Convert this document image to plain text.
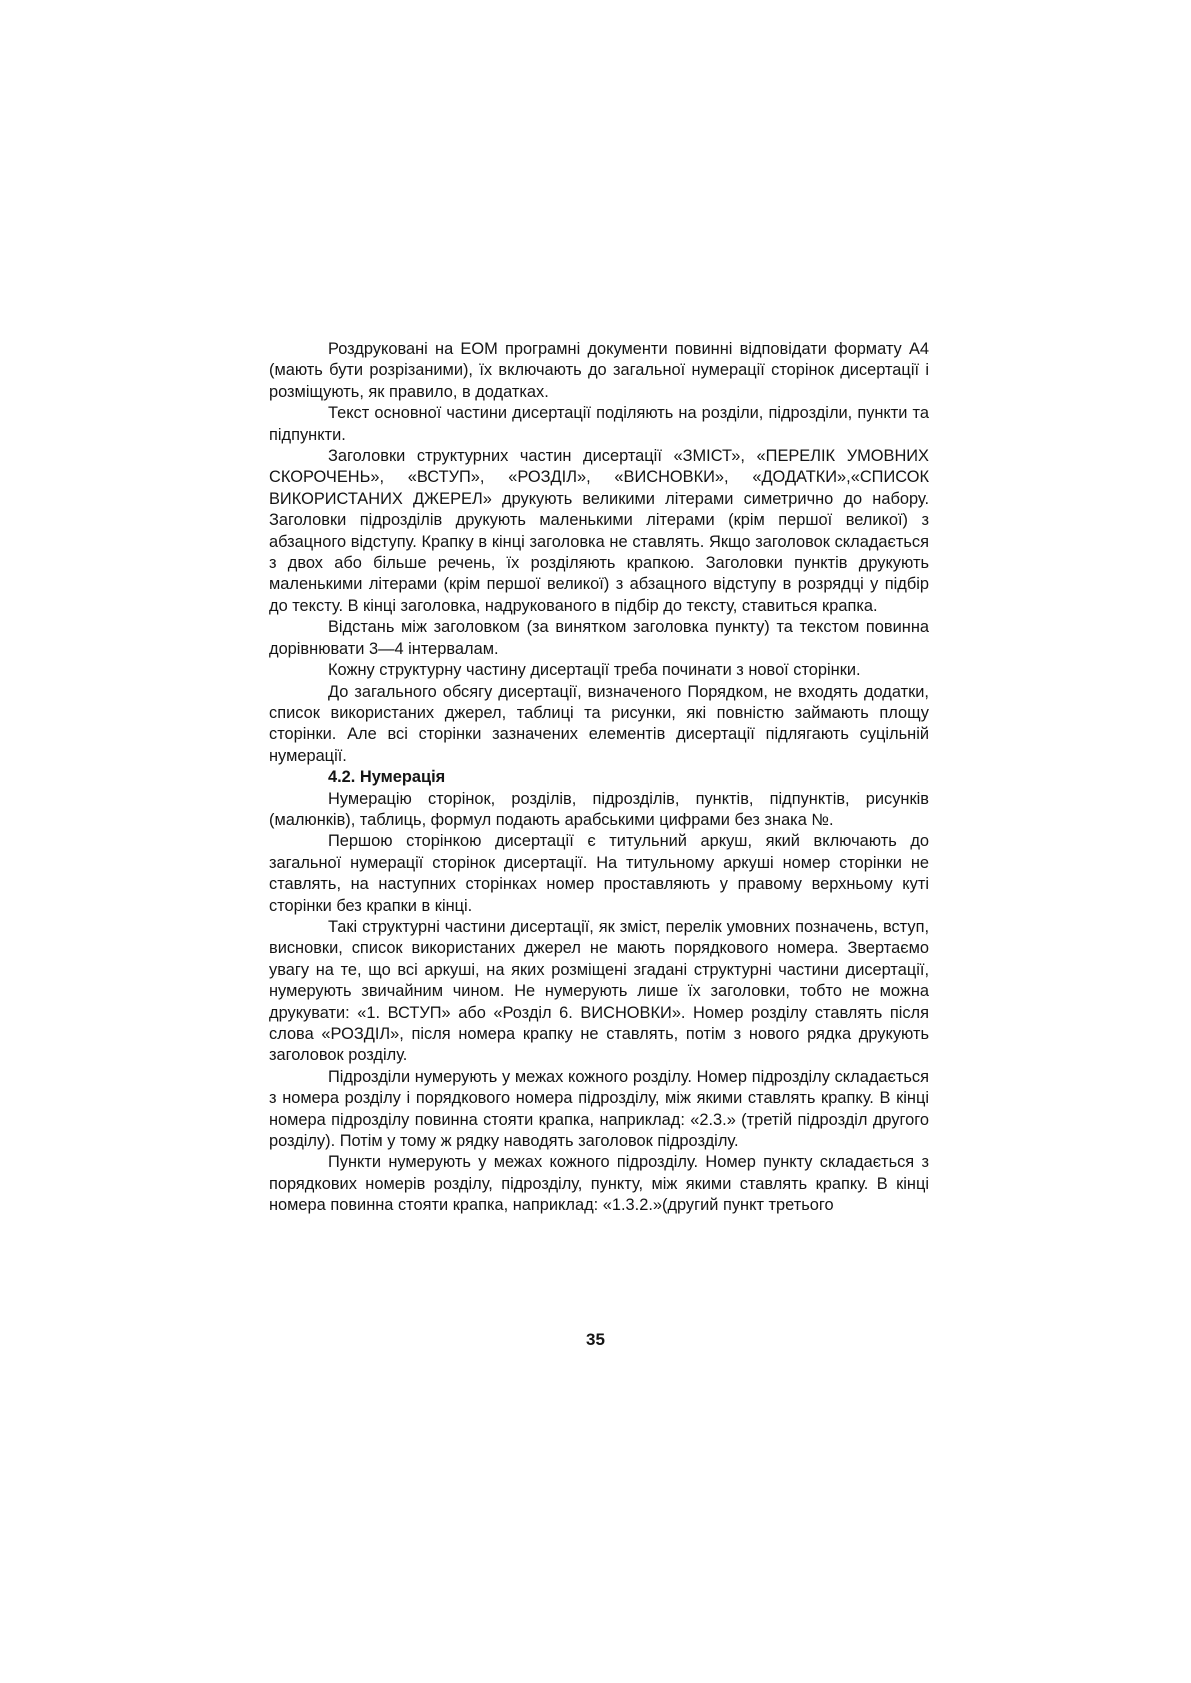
Роздруковані на ЕОМ програмні документи повинні відповідати формату А4 (мають бути розрізаними), їх включають до загальної нумерації сторінок дисертації і розміщують, як правило, в додатках.

Текст основної частини дисертації поділяють на розділи, підрозділи, пункти та підпункти.

Заголовки структурних частин дисертації «ЗМІСТ», «ПЕРЕЛІК УМОВНИХ СКОРОЧЕНЬ», «ВСТУП», «РОЗДІЛ», «ВИСНОВКИ», «ДОДАТКИ»,«СПИСОК ВИКОРИСТАНИХ ДЖЕРЕЛ» друкують великими літерами симетрично до набору. Заголовки підрозділів друкують маленькими літерами (крім першої великої) з абзацного відступу. Крапку в кінці заголовка не ставлять. Якщо заголовок складається з двох або більше речень, їх розділяють крапкою. Заголовки пунктів друкують маленькими літерами (крім першої великої) з абзацного відступу в розрядці у підбір до тексту. В кінці заголовка, надрукованого в підбір до тексту, ставиться крапка.

Відстань між заголовком (за винятком заголовка пункту) та текстом повинна дорівнювати 3—4 інтервалам.

Кожну структурну частину дисертації треба починати з нової сторінки.

До загального обсягу дисертації, визначеного Порядком, не входять додатки, список використаних джерел, таблиці та рисунки, які повністю займають площу сторінки. Але всі сторінки зазначених елементів дисертації підлягають суцільній нумерації.

4.2. Нумерація

Нумерацію сторінок, розділів, підрозділів, пунктів, підпунктів, рисунків (малюнків), таблиць, формул подають арабськими цифрами без знака №.

Першою сторінкою дисертації є титульний аркуш, який включають до загальної нумерації сторінок дисертації. На титульному аркуші номер сторінки не ставлять, на наступних сторінках номер проставляють у правому верхньому куті сторінки без крапки в кінці.

Такі структурні частини дисертації, як зміст, перелік умовних позначень, вступ, висновки, список використаних джерел не мають порядкового номера. Звертаємо увагу на те, що всі аркуші, на яких розміщені згадані структурні частини дисертації, нумерують звичайним чином. Не нумерують лише їх заголовки, тобто не можна друкувати: «1. ВСТУП» або «Розділ 6. ВИСНОВКИ». Номер розділу ставлять після слова «РОЗДІЛ», після номера крапку не ставлять, потім з нового рядка друкують заголовок розділу.

Підрозділи нумерують у межах кожного розділу. Номер підрозділу складається з номера розділу і порядкового номера підрозділу, між якими ставлять крапку. В кінці номера підрозділу повинна стояти крапка, наприклад: «2.3.» (третій підрозділ другого розділу). Потім у тому ж рядку наводять заголовок підрозділу.

Пункти нумерують у межах кожного підрозділу. Номер пункту складається з порядкових номерів розділу, підрозділу, пункту, між якими ставлять крапку. В кінці номера повинна стояти крапка, наприклад: «1.3.2.»(другий пункт третього

35
